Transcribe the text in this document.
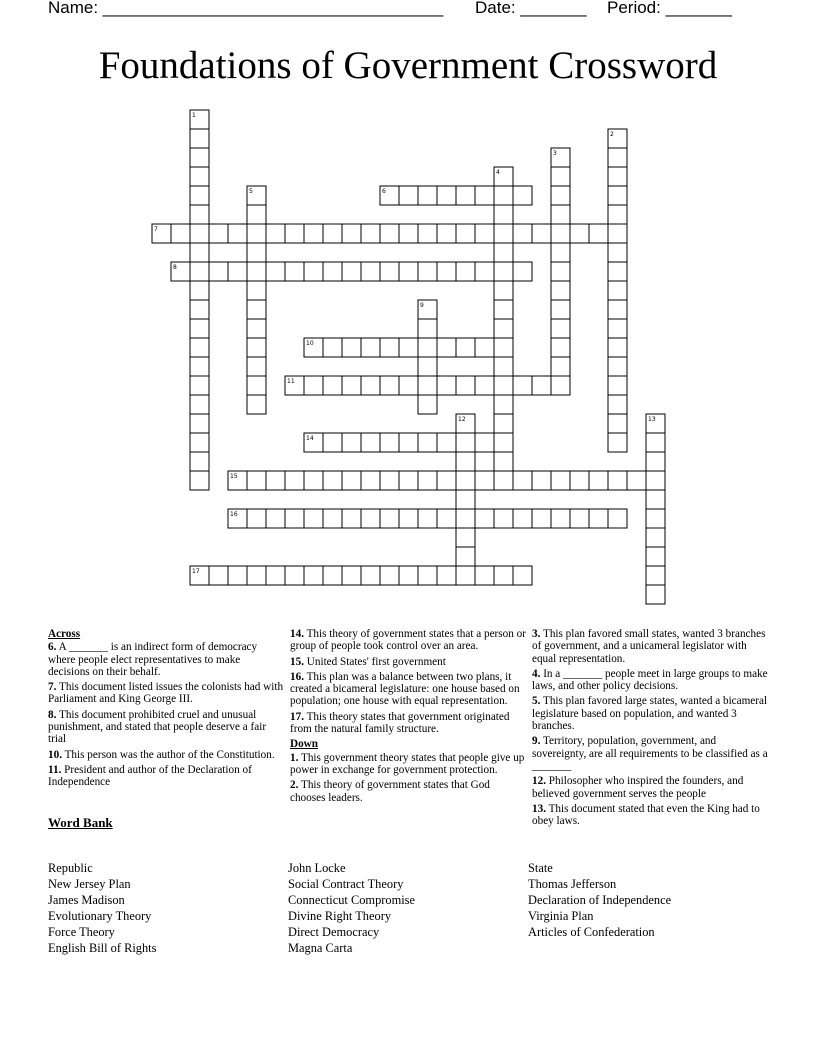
Name: ____________________________________ Date: _______ Period: _______
Foundations of Government Crossword
1
2
3
4
5	6
7
8
9
10
11
12	13
14
15
16
17
Across
6. A _______ is an indirect form of democracy where people elect representatives to make decisions on their behalf.
7. This document listed issues the colonists had with Parliament and King George III.
8. This document prohibited cruel and unusual punishment, and stated that people deserve a fair trial
10. This person was the author of the Constitution.
11. President and author of the Declaration of Independence
14. This theory of government states that a person or group of people took control over an area.
15. United States' first government
16. This plan was a balance between two plans, it created a bicameral legislature: one house based on population; one house with equal representation.
17. This theory states that government originated from the natural family structure.
Down
1. This government theory states that people give up power in exchange for government protection.
2. This theory of government states that God chooses leaders.
3. This plan favored small states, wanted 3 branches of government, and a unicameral legislator with equal representation.
4. In a _______ people meet in large groups to make laws, and other policy decisions.
5. This plan favored large states, wanted a bicameral legislature based on population, and wanted 3 branches.
9. Territory, population, government, and sovereignty, are all requirements to be classified as a _______
12. Philosopher who inspired the founders, and believed government serves the people
13. This document stated that even the King had to obey laws.
Word Bank
Republic
New Jersey Plan
James Madison
Evolutionary Theory
Force Theory
English Bill of Rights
John Locke
Social Contract Theory
Connecticut Compromise
Divine Right Theory
Direct Democracy
Magna Carta
State
Thomas Jefferson
Declaration of Independence
Virginia Plan
Articles of Confederation
